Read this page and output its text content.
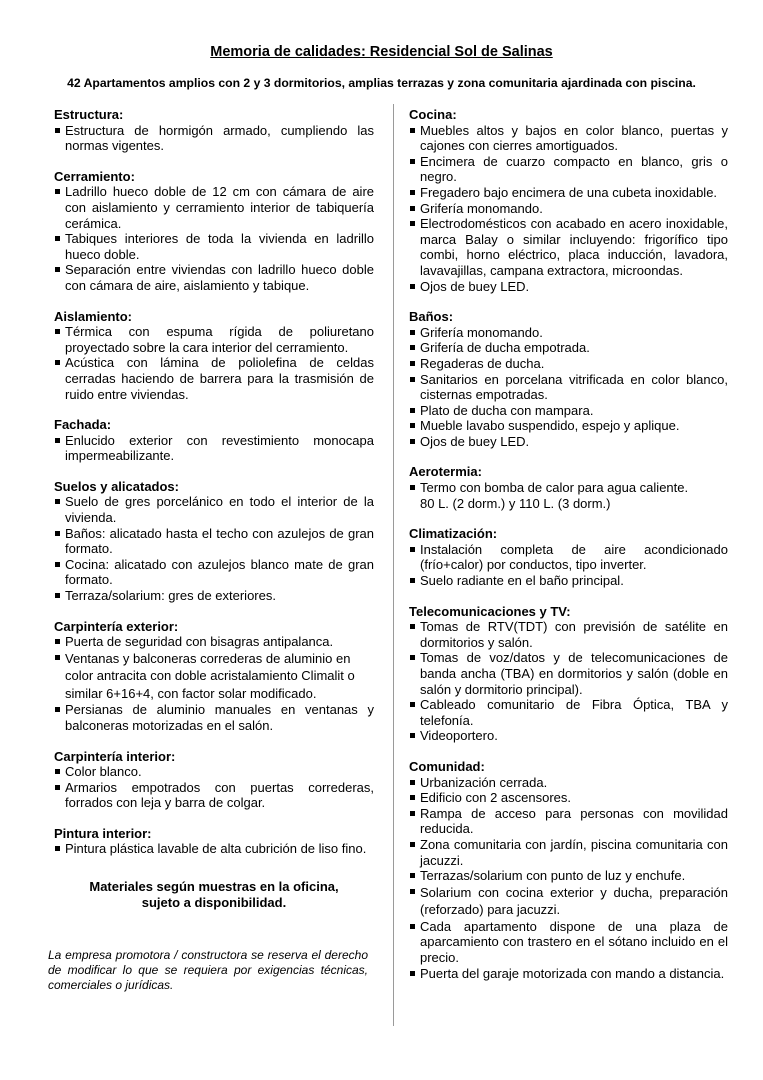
Memoria de calidades: Residencial Sol de Salinas
42 Apartamentos amplios con 2 y 3 dormitorios, amplias terrazas y zona comunitaria ajardinada con piscina.
Estructura:
Estructura de hormigón armado, cumpliendo las normas vigentes.
Cerramiento:
Ladrillo hueco doble de 12 cm con cámara de aire con aislamiento y cerramiento interior de tabiquería cerámica.
Tabiques interiores de toda la vivienda en ladrillo hueco doble.
Separación entre viviendas con ladrillo hueco doble con cámara de aire, aislamiento y tabique.
Aislamiento:
Térmica con espuma rígida de poliuretano proyectado sobre la cara interior del cerramiento.
Acústica con lámina de poliolefina de celdas cerradas haciendo de barrera para la trasmisión de ruido entre viviendas.
Fachada:
Enlucido exterior con revestimiento monocapa impermeabilizante.
Suelos y alicatados:
Suelo de gres porcelánico en todo el interior de la vivienda.
Baños: alicatado hasta el techo con azulejos de gran formato.
Cocina: alicatado con azulejos blanco mate de gran formato.
Terraza/solarium: gres de exteriores.
Carpintería exterior:
Puerta de seguridad con bisagras antipalanca.
Ventanas y balconeras correderas de aluminio en color antracita con doble acristalamiento Climalit o similar 6+16+4, con factor solar modificado.
Persianas de aluminio manuales en ventanas y balconeras motorizadas en el salón.
Carpintería interior:
Color blanco.
Armarios empotrados con puertas correderas, forrados con leja y barra de colgar.
Pintura interior:
Pintura plástica lavable de alta cubrición de liso fino.
Materiales según muestras en la oficina,
sujeto a disponibilidad.
La empresa promotora / constructora se reserva el derecho de modificar lo que se requiera por exigencias técnicas, comerciales o jurídicas.
Cocina:
Muebles altos y bajos en color blanco, puertas y cajones con cierres amortiguados.
Encimera de cuarzo compacto en blanco, gris o negro.
Fregadero bajo encimera de una cubeta inoxidable.
Grifería monomando.
Electrodomésticos con acabado en acero inoxidable, marca Balay o similar incluyendo: frigorífico tipo combi, horno eléctrico, placa inducción, lavadora, lavavajillas, campana extractora, microondas.
Ojos de buey LED.
Baños:
Grifería monomando.
Grifería de ducha empotrada.
Regaderas de ducha.
Sanitarios en porcelana vitrificada en color blanco, cisternas empotradas.
Plato de ducha con mampara.
Mueble lavabo suspendido, espejo y aplique.
Ojos de buey LED.
Aerotermia:
Termo con bomba de calor para agua caliente.
80 L. (2 dorm.) y 110 L. (3 dorm.)
Climatización:
Instalación completa de aire acondicionado (frío+calor) por conductos, tipo inverter.
Suelo radiante en el baño principal.
Telecomunicaciones y TV:
Tomas de RTV(TDT) con previsión de satélite en dormitorios y salón.
Tomas de voz/datos y de telecomunicaciones de banda ancha (TBA) en dormitorios y salón (doble en salón y dormitorio principal).
Cableado comunitario de Fibra Óptica, TBA y telefonía.
Videoportero.
Comunidad:
Urbanización cerrada.
Edificio con 2 ascensores.
Rampa de acceso para personas con movilidad reducida.
Zona comunitaria con jardín, piscina comunitaria con jacuzzi.
Terrazas/solarium con punto de luz y enchufe.
Solarium con cocina exterior y ducha, preparación (reforzado) para jacuzzi.
Cada apartamento dispone de una plaza de aparcamiento con trastero en el sótano incluido en el precio.
Puerta del garaje motorizada con mando a distancia.
